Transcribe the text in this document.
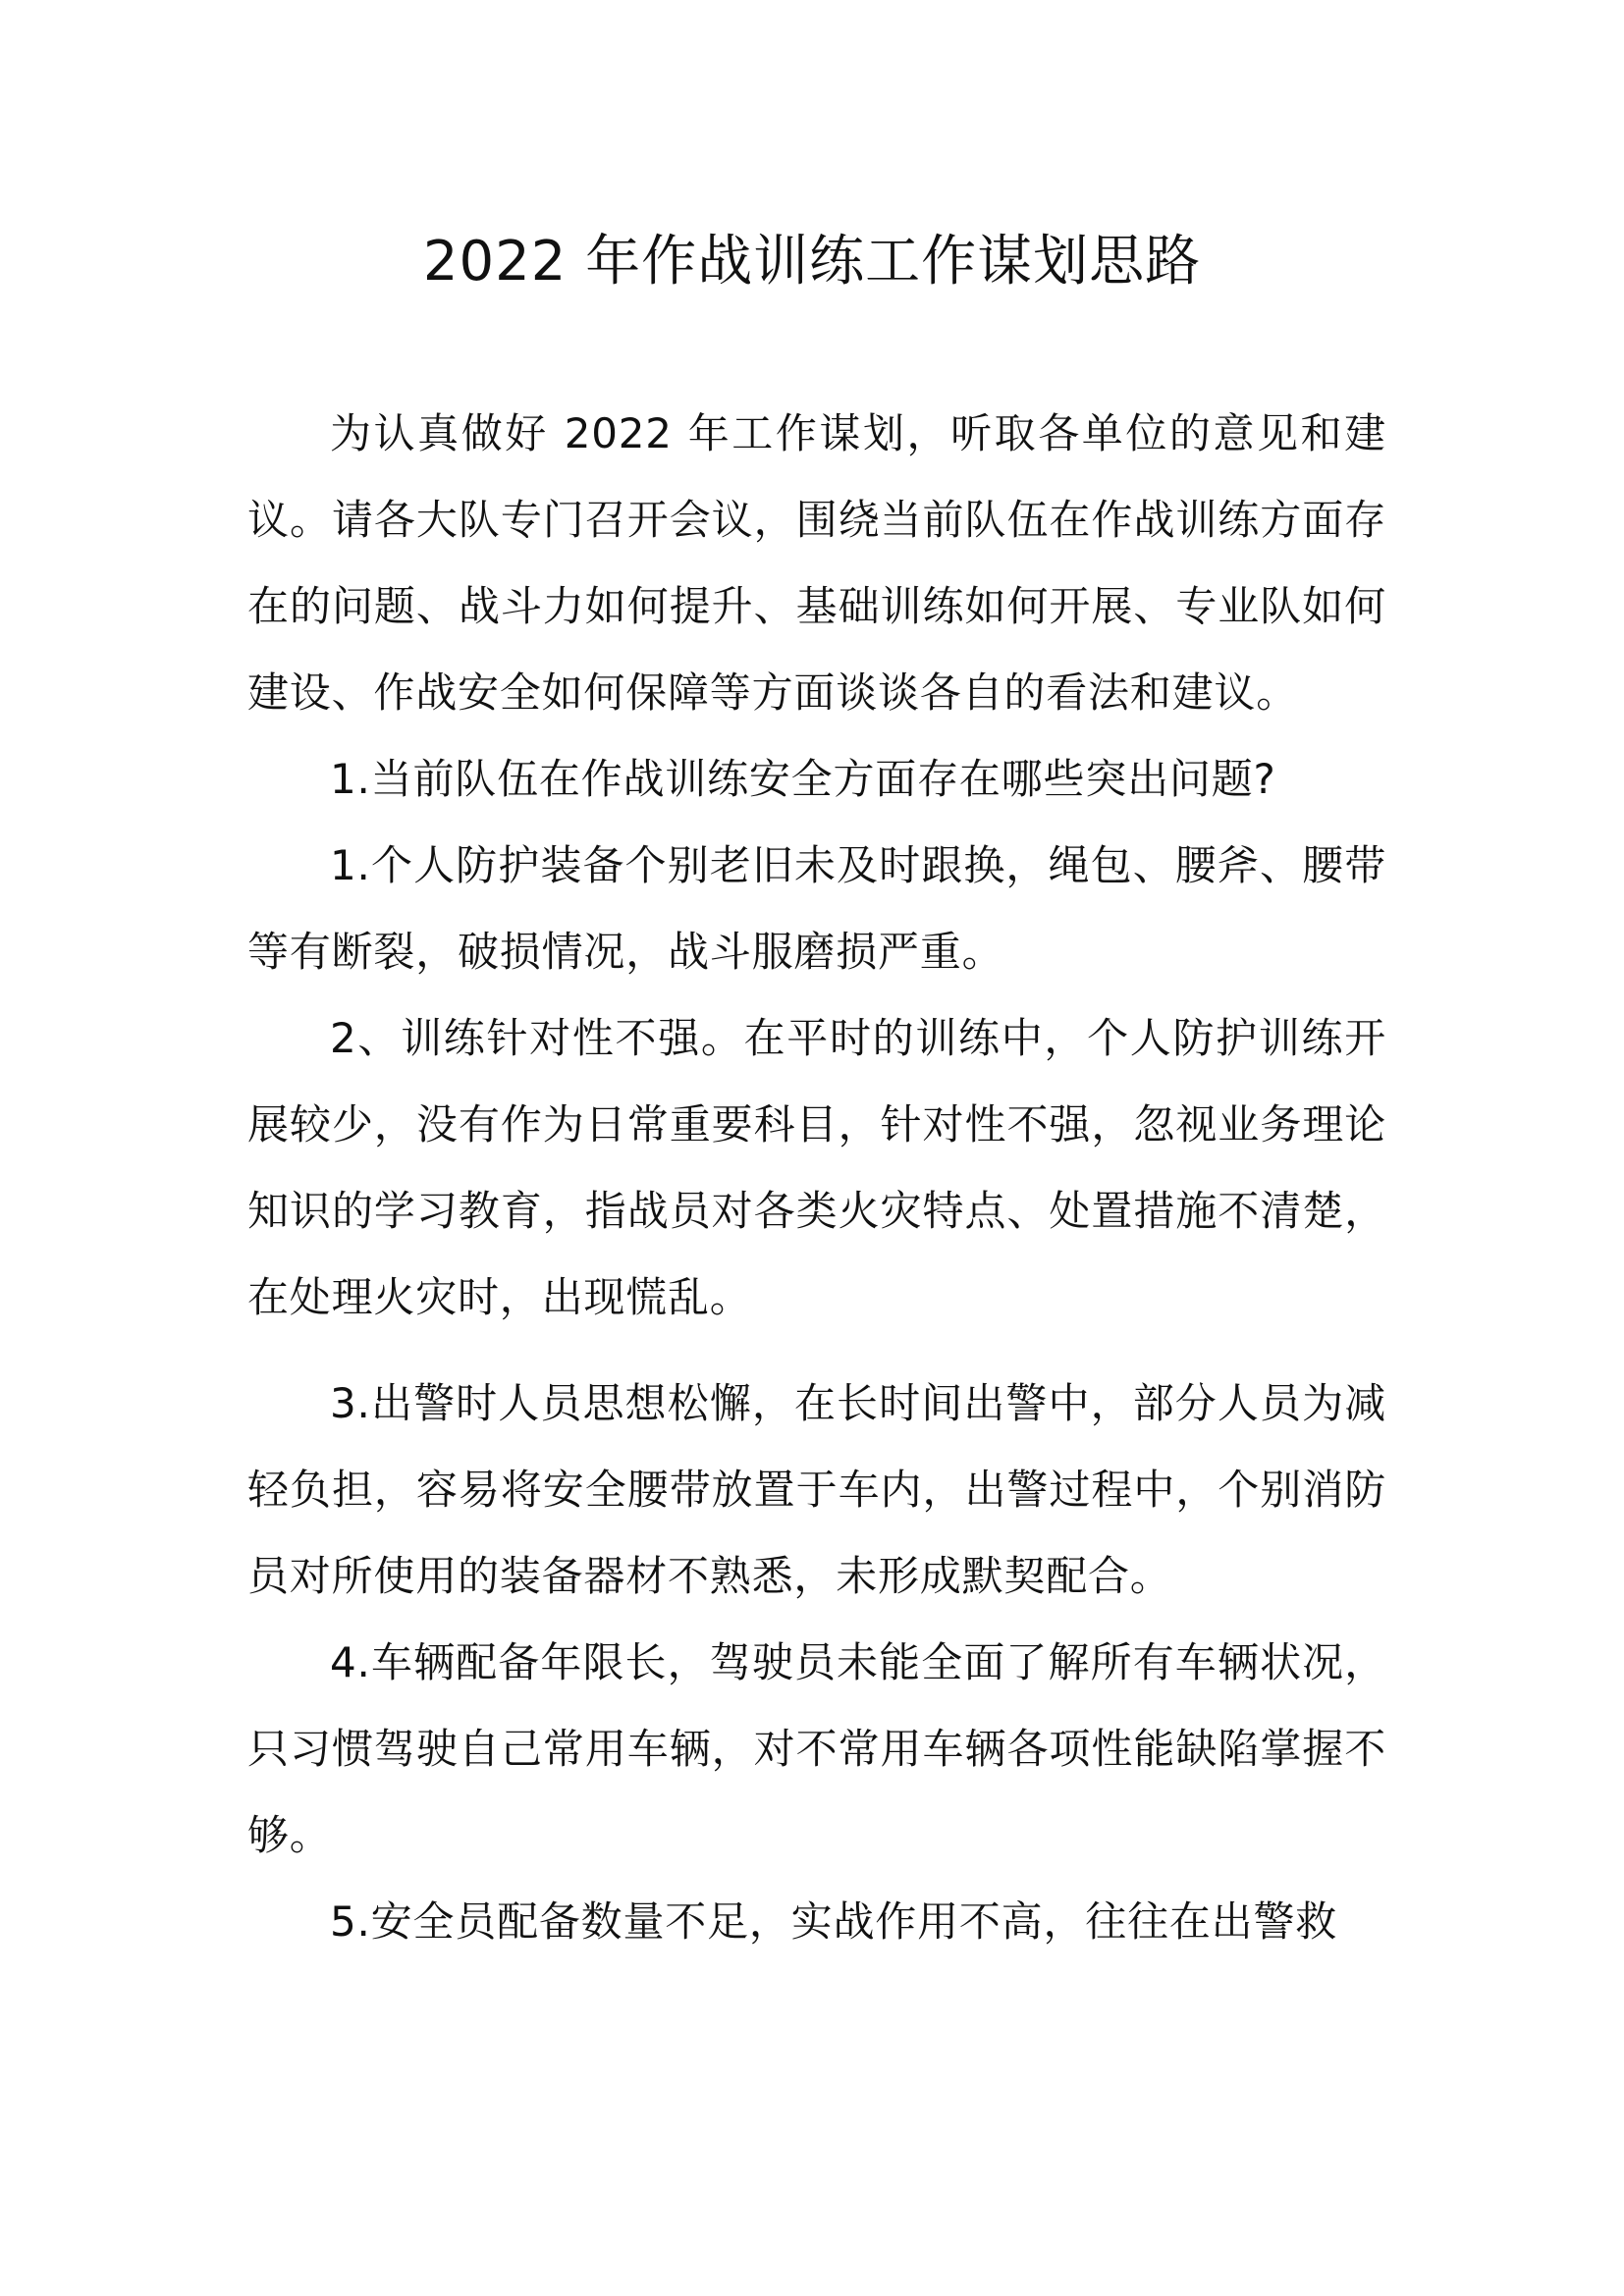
2022 年作战训练工作谋划思路

为认真做好 2022 年工作谋划，听取各单位的意见和建议。请各大队专门召开会议，围绕当前队伍在作战训练方面存在的问题、战斗力如何提升、基础训练如何开展、专业队如何建设、作战安全如何保障等方面谈谈各自的看法和建议。

1.当前队伍在作战训练安全方面存在哪些突出问题?

1.个人防护装备个别老旧未及时跟换，绳包、腰斧、腰带等有断裂，破损情况，战斗服磨损严重。

2、训练针对性不强。在平时的训练中，个人防护训练开展较少，没有作为日常重要科目，针对性不强，忽视业务理论知识的学习教育，指战员对各类火灾特点、处置措施不清楚，在处理火灾时，出现慌乱。

3.出警时人员思想松懈，在长时间出警中，部分人员为减轻负担，容易将安全腰带放置于车内，出警过程中，个别消防员对所使用的装备器材不熟悉，未形成默契配合。

4.车辆配备年限长，驾驶员未能全面了解所有车辆状况，只习惯驾驶自己常用车辆，对不常用车辆各项性能缺陷掌握不够。

5.安全员配备数量不足，实战作用不高，往往在出警救
